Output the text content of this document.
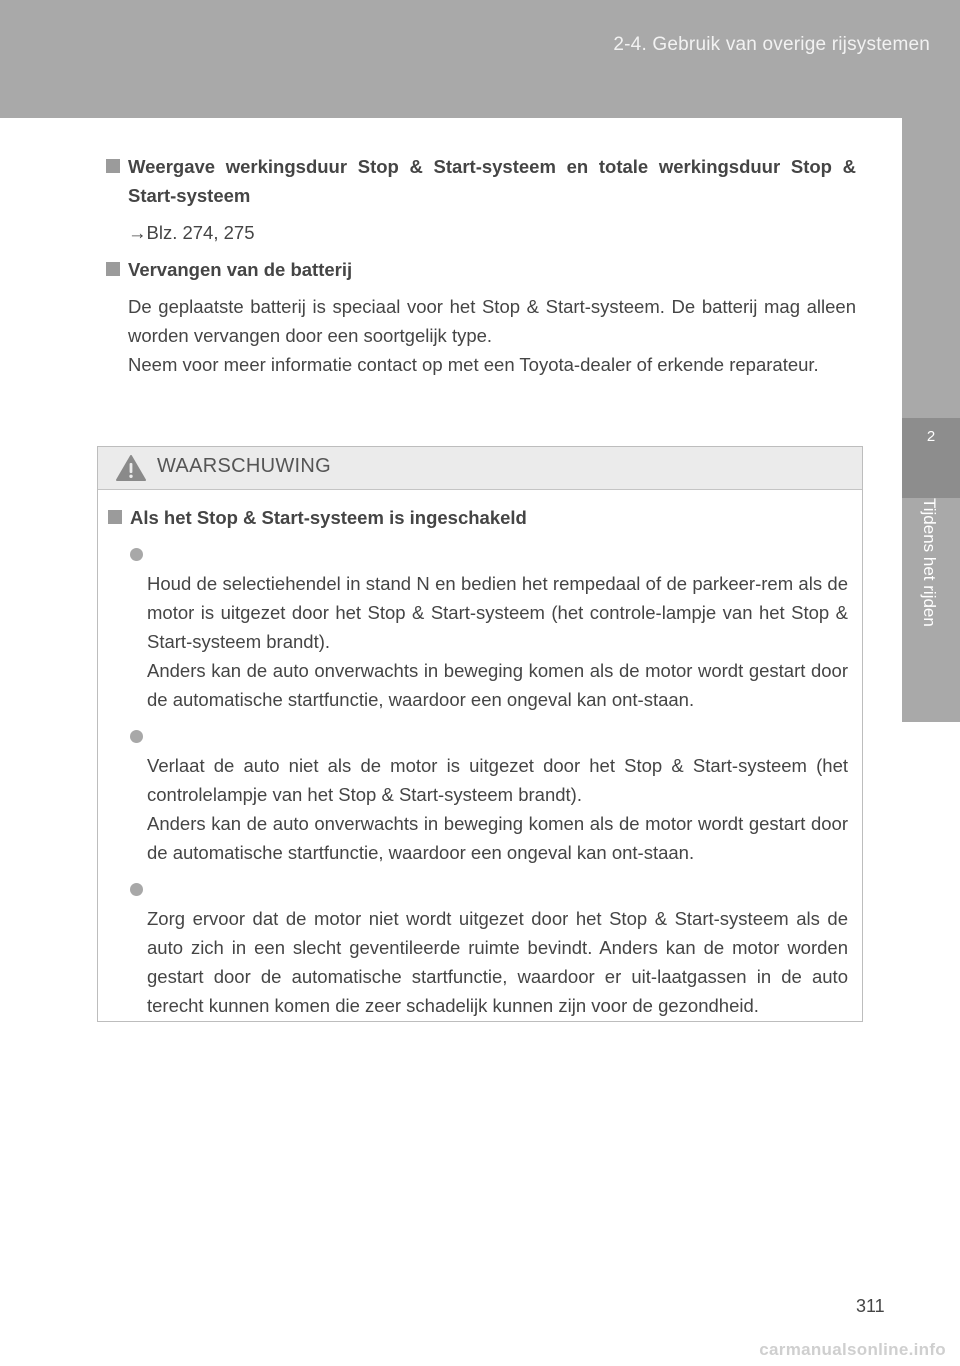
2-4. Gebruik van overige rijsystemen
2
Tijdens het rijden

Weergave werkingsduur Stop & Start-systeem en totale werkingsduur Stop & Start-systeem

→Blz. 274, 275

Vervangen van de batterij

De geplaatste batterij is speciaal voor het Stop & Start-systeem. De batterij mag alleen worden vervangen door een soortgelijk type.
Neem voor meer informatie contact op met een Toyota-dealer of erkende reparateur.

WAARSCHUWING

Als het Stop & Start-systeem is ingeschakeld

Houd de selectiehendel in stand N en bedien het rempedaal of de parkeer-rem als de motor is uitgezet door het Stop & Start-systeem (het controle-lampje van het Stop & Start-systeem brandt).
Anders kan de auto onverwachts in beweging komen als de motor wordt gestart door de automatische startfunctie, waardoor een ongeval kan ont-staan.

Verlaat de auto niet als de motor is uitgezet door het Stop & Start-systeem (het controlelampje van het Stop & Start-systeem brandt).
Anders kan de auto onverwachts in beweging komen als de motor wordt gestart door de automatische startfunctie, waardoor een ongeval kan ont-staan.

Zorg ervoor dat de motor niet wordt uitgezet door het Stop & Start-systeem als de auto zich in een slecht geventileerde ruimte bevindt. Anders kan de motor worden gestart door de automatische startfunctie, waardoor er uit-laatgassen in de auto terecht kunnen komen die zeer schadelijk kunnen zijn voor de gezondheid.

311
carmanualsonline.info
